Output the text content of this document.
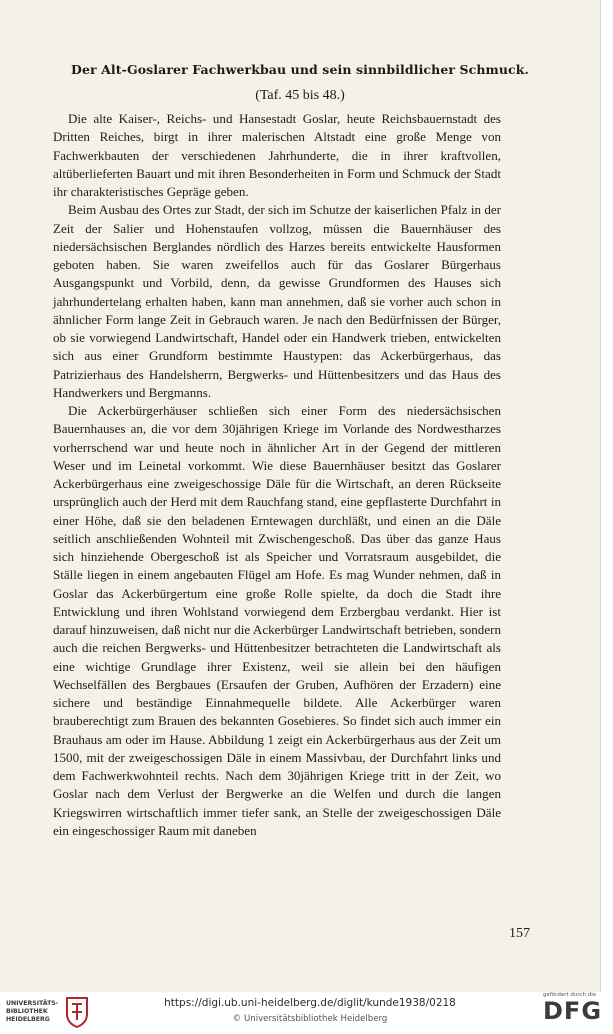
Der Alt-Goslarer Fachwerkbau und sein sinnbildlicher Schmuck.
(Taf. 45 bis 48.)

Die alte Kaiser-, Reichs- und Hansestadt Goslar, heute Reichsbauernstadt des Dritten Reiches, birgt in ihrer malerischen Altstadt eine große Menge von Fachwerkbauten der verschiedenen Jahrhunderte, die in ihrer kraftvollen, altüberlieferten Bauart und mit ihren Besonderheiten in Form und Schmuck der Stadt ihr charakteristisches Gepräge geben.

Beim Ausbau des Ortes zur Stadt, der sich im Schutze der kaiserlichen Pfalz in der Zeit der Salier und Hohenstaufen vollzog, müssen die Bauernhäuser des niedersächsischen Berglandes nördlich des Harzes bereits entwickelte Hausformen geboten haben. Sie waren zweifellos auch für das Goslarer Bürgerhaus Ausgangspunkt und Vorbild, denn, da gewisse Grundformen des Hauses sich jahrhundertelang erhalten haben, kann man annehmen, daß sie vorher auch schon in ähnlicher Form lange Zeit in Gebrauch waren. Je nach den Bedürfnissen der Bürger, ob sie vorwiegend Landwirtschaft, Handel oder ein Handwerk trieben, entwickelten sich aus einer Grundform bestimmte Haustypen: das Ackerbürgerhaus, das Patrizierhaus des Handelsherrn, Bergwerks- und Hüttenbesitzers und das Haus des Handwerkers und Bergmanns.

Die Ackerbürgerhäuser schließen sich einer Form des niedersächsischen Bauernhauses an, die vor dem 30jährigen Kriege im Vorlande des Nordwestharzes vorherrschend war und heute noch in ähnlicher Art in der Gegend der mittleren Weser und im Leinetal vorkommt. Wie diese Bauernhäuser besitzt das Goslarer Ackerbürgerhaus eine zweigeschossige Däle für die Wirtschaft, an deren Rückseite ursprünglich auch der Herd mit dem Rauchfang stand, eine gepflasterte Durchfahrt in einer Höhe, daß sie den beladenen Erntewagen durchläßt, und einen an die Däle seitlich anschließenden Wohnteil mit Zwischengeschoß. Das über das ganze Haus sich hinziehende Obergeschoß ist als Speicher und Vorratsraum ausgebildet, die Ställe liegen in einem angebauten Flügel am Hofe. Es mag Wunder nehmen, daß in Goslar das Ackerbürgertum eine große Rolle spielte, da doch die Stadt ihre Entwicklung und ihren Wohlstand vorwiegend dem Erzbergbau verdankt. Hier ist darauf hinzuweisen, daß nicht nur die Ackerbürger Landwirtschaft betrieben, sondern auch die reichen Bergwerks- und Hüttenbesitzer betrachteten die Landwirtschaft als eine wichtige Grundlage ihrer Existenz, weil sie allein bei den häufigen Wechselfällen des Bergbaues (Ersaufen der Gruben, Aufhören der Erzadern) eine sichere und beständige Einnahmequelle bildete. Alle Ackerbürger waren brauberechtigt zum Brauen des bekannten Gosebieres. So findet sich auch immer ein Brauhaus am oder im Hause. Abbildung 1 zeigt ein Ackerbürgerhaus aus der Zeit um 1500, mit der zweigeschossigen Däle in einem Massivbau, der Durchfahrt links und dem Fachwerkwohnteil rechts. Nach dem 30jährigen Kriege tritt in der Zeit, wo Goslar nach dem Verlust der Bergwerke an die Welfen und durch die langen Kriegswirren wirtschaftlich immer tiefer sank, an Stelle der zweigeschossigen Däle ein eingeschossiger Raum mit daneben

157
UNIVERSITÄTS-
BIBLIOTHEK
HEIDELBERG
https://digi.ub.uni-heidelberg.de/diglit/kunde1938/0218
© Universitätsbibliothek Heidelberg
gefördert durch die
DFG
